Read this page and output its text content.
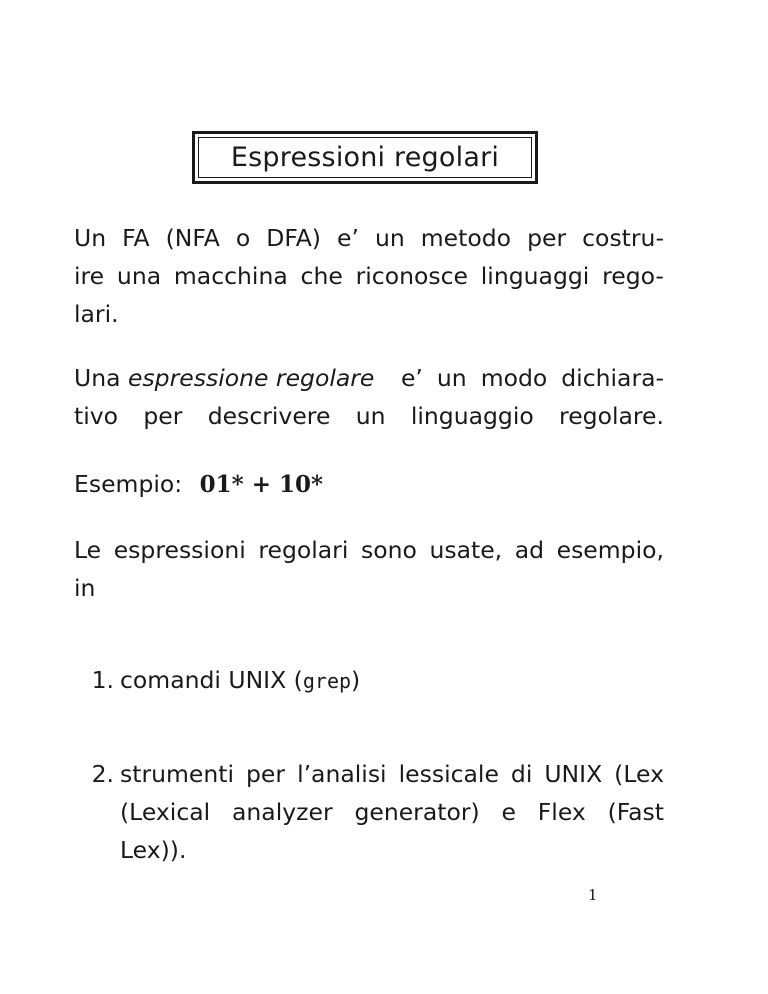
Espressioni regolari
Un FA (NFA o DFA) e’ un metodo per costru-
ire una macchina che riconosce linguaggi rego-
lari.
Una espressione regolare e’ un modo dichiara-
tivo per descrivere un linguaggio regolare.
Esempio: 01* + 10*
Le espressioni regolari sono usate, ad esempio,
in
1. comandi UNIX (grep)
2. strumenti per l’analisi lessicale di UNIX (Lex
(Lexical analyzer generator) e Flex (Fast
Lex)).
1
